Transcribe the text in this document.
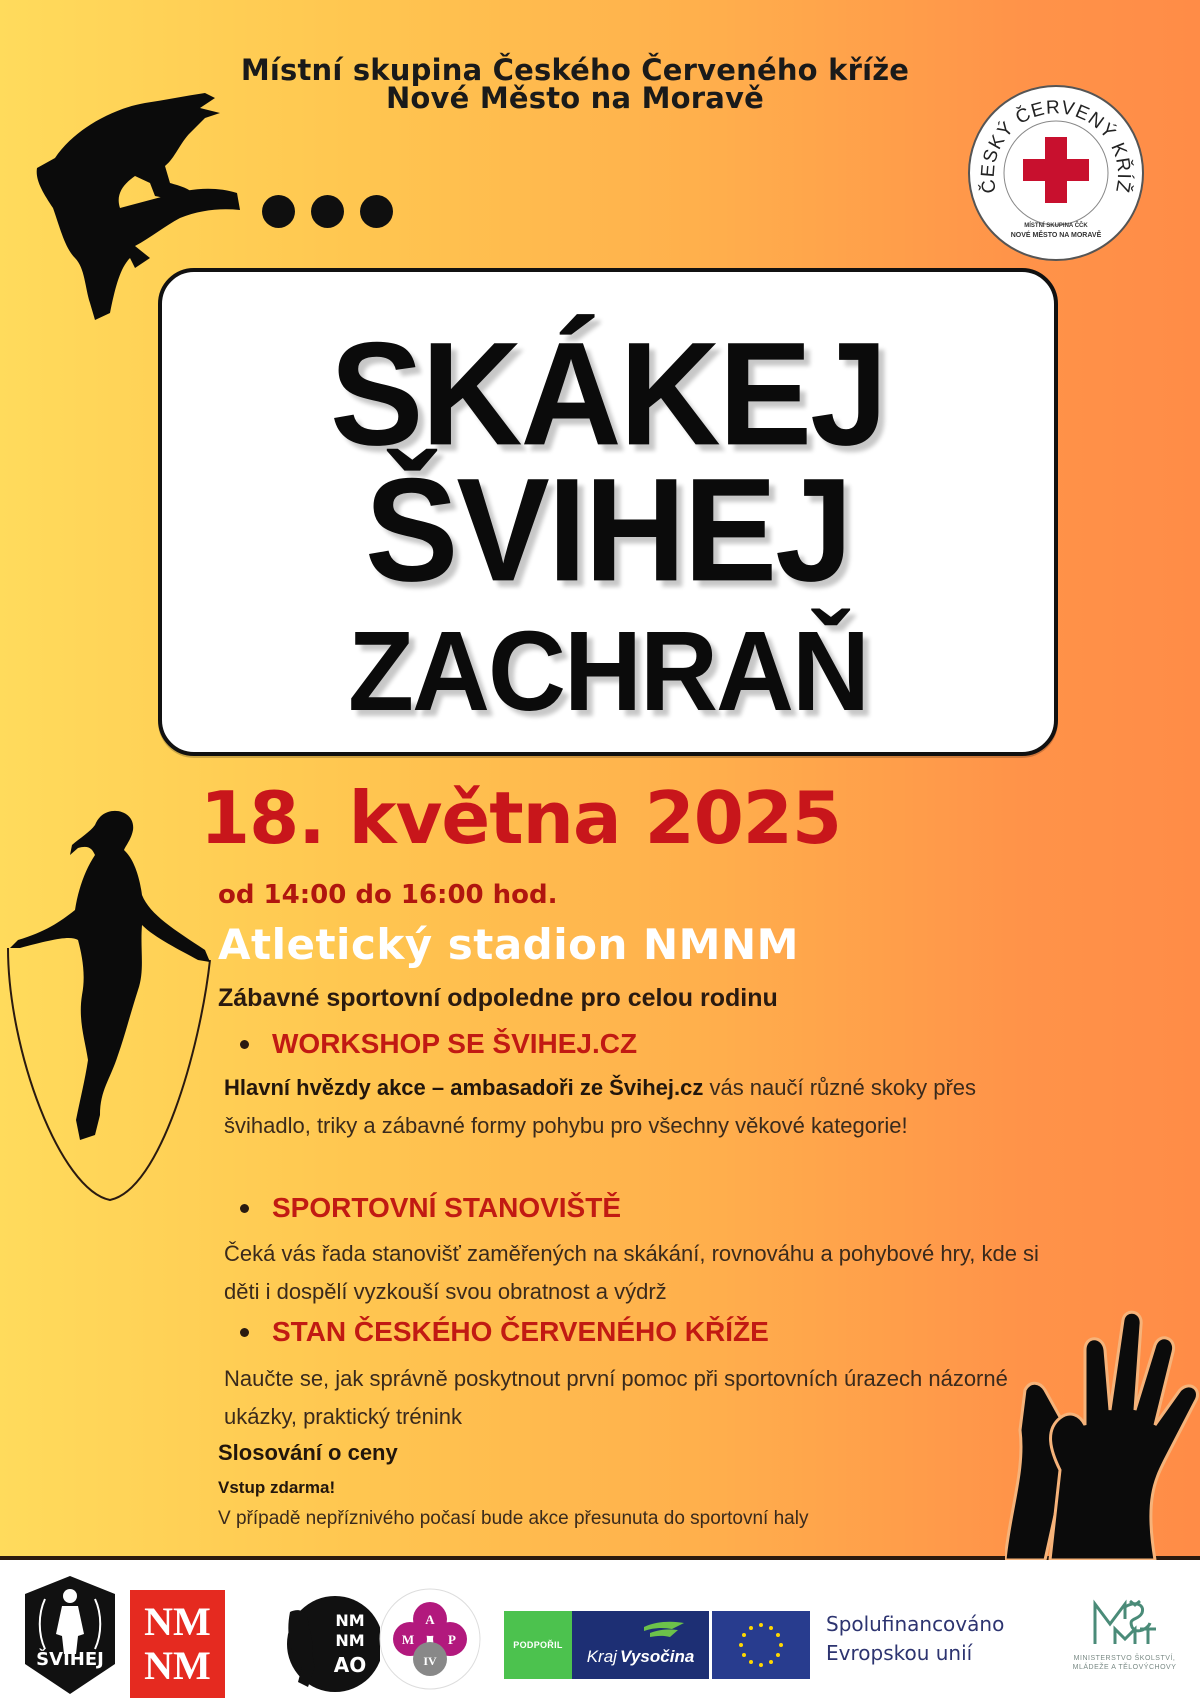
Místní skupina Českého Červeného kříže
Nové Město na Moravě
ČESKÝ ČERVENÝ KŘÍŽ
MÍSTNÍ SKUPINA ČČK
NOVÉ MĚSTO NA MORAVĚ
SKÁKEJ
ŠVIHEJ
ZACHRAŇ
18. května 2025
od 14:00 do 16:00 hod.
Atletický stadion NMNM
Zábavné sportovní odpoledne pro celou rodinu
WORKSHOP SE ŠVIHEJ.CZ
Hlavní hvězdy akce – ambasadoři ze Švihej.cz vás naučí různé skoky přes švihadlo, triky a zábavné formy pohybu pro všechny věkové kategorie!
SPORTOVNÍ STANOVIŠTĚ
Čeká vás řada stanovišť zaměřených na skákání, rovnováhu a pohybové hry, kde si děti i dospělí vyzkouší svou obratnost a výdrž
STAN ČESKÉHO ČERVENÉHO KŘÍŽE
Naučte se, jak správně poskytnout první pomoc při sportovních úrazech názorné ukázky, praktický trénink
Slosování o ceny
Vstup zdarma!
V případě nepříznivého počasí bude akce přesunuta do sportovní haly
ŠVIHEJ
NM
NM
NM
NM
AO
A
M	P
IV
PODPOŘIL
Kraj Vysočina
Spolufinancováno
Evropskou unií	MINISTERSTVO ŠKOLSTVÍ,
MLÁDEŽE A TĚLOVÝCHOVY
